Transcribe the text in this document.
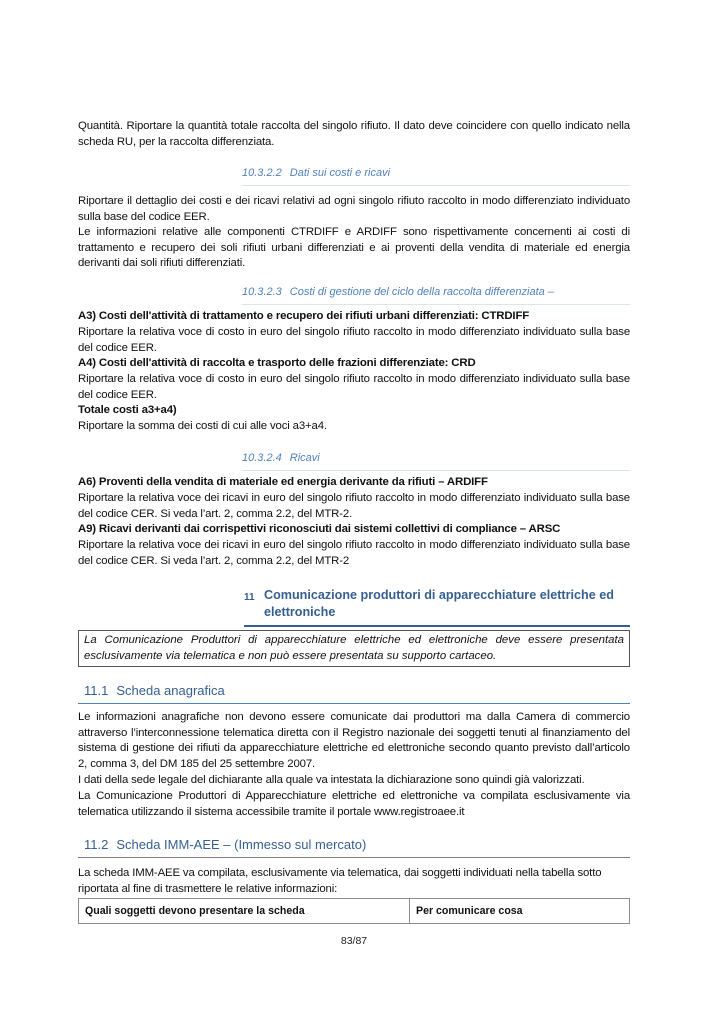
Quantità. Riportare la quantità totale raccolta del singolo rifiuto. Il dato deve coincidere con quello indicato nella scheda RU, per la raccolta differenziata.

10.3.2.2 Dati sui costi e ricavi

Riportare il dettaglio dei costi e dei ricavi relativi ad ogni singolo rifiuto raccolto in modo differenziato individuato sulla base del codice EER.

Le informazioni relative alle componenti CTRDIFF e ARDIFF sono rispettivamente concernenti ai costi di trattamento e recupero dei soli rifiuti urbani differenziati e ai proventi della vendita di materiale ed energia derivanti dai soli rifiuti differenziati.

10.3.2.3 Costi di gestione del ciclo della raccolta differenziata –

A3) Costi dell'attività di trattamento e recupero dei rifiuti urbani differenziati: CTRDIFF

Riportare la relativa voce di costo in euro del singolo rifiuto raccolto in modo differenziato individuato sulla base del codice EER.

A4) Costi dell'attività di raccolta e trasporto delle frazioni differenziate: CRD

Riportare la relativa voce di costo in euro del singolo rifiuto raccolto in modo differenziato individuato sulla base del codice EER.

Totale costi a3+a4)

Riportare la somma dei costi di cui alle voci a3+a4.

10.3.2.4 Ricavi

A6) Proventi della vendita di materiale ed energia derivante da rifiuti – ARDIFF

Riportare la relativa voce dei ricavi in euro del singolo rifiuto raccolto in modo differenziato individuato sulla base del codice CER. Si veda l’art. 2, comma 2.2, del MTR-2.

A9) Ricavi derivanti dai corrispettivi riconosciuti dai sistemi collettivi di compliance – ARSC

Riportare la relativa voce dei ricavi in euro del singolo rifiuto raccolto in modo differenziato individuato sulla base del codice CER. Si veda l’art. 2, comma 2.2, del MTR-2

11 Comunicazione produttori di apparecchiature elettriche ed elettroniche
La Comunicazione Produttori di apparecchiature elettriche ed elettroniche deve essere presentata esclusivamente via telematica e non può essere presentata su supporto cartaceo.
11.1 Scheda anagrafica

Le informazioni anagrafiche non devono essere comunicate dai produttori ma dalla Camera di commercio attraverso l’interconnessione telematica diretta con il Registro nazionale dei soggetti tenuti al finanziamento del sistema di gestione dei rifiuti da apparecchiature elettriche ed elettroniche secondo quanto previsto dall’articolo 2, comma 3, del DM 185 del 25 settembre 2007.

I dati della sede legale del dichiarante alla quale va intestata la dichiarazione sono quindi già valorizzati.

La Comunicazione Produttori di Apparecchiature elettriche ed elettroniche va compilata esclusivamente via telematica utilizzando il sistema accessibile tramite il portale www.registroaee.it

11.2 Scheda IMM-AEE – (Immesso sul mercato)

La scheda IMM-AEE va compilata, esclusivamente via telematica, dai soggetti individuati nella tabella sotto riportata al fine di trasmettere le relative informazioni:

Quali soggetti devono presentare la scheda	Per comunicare cosa
83/87
